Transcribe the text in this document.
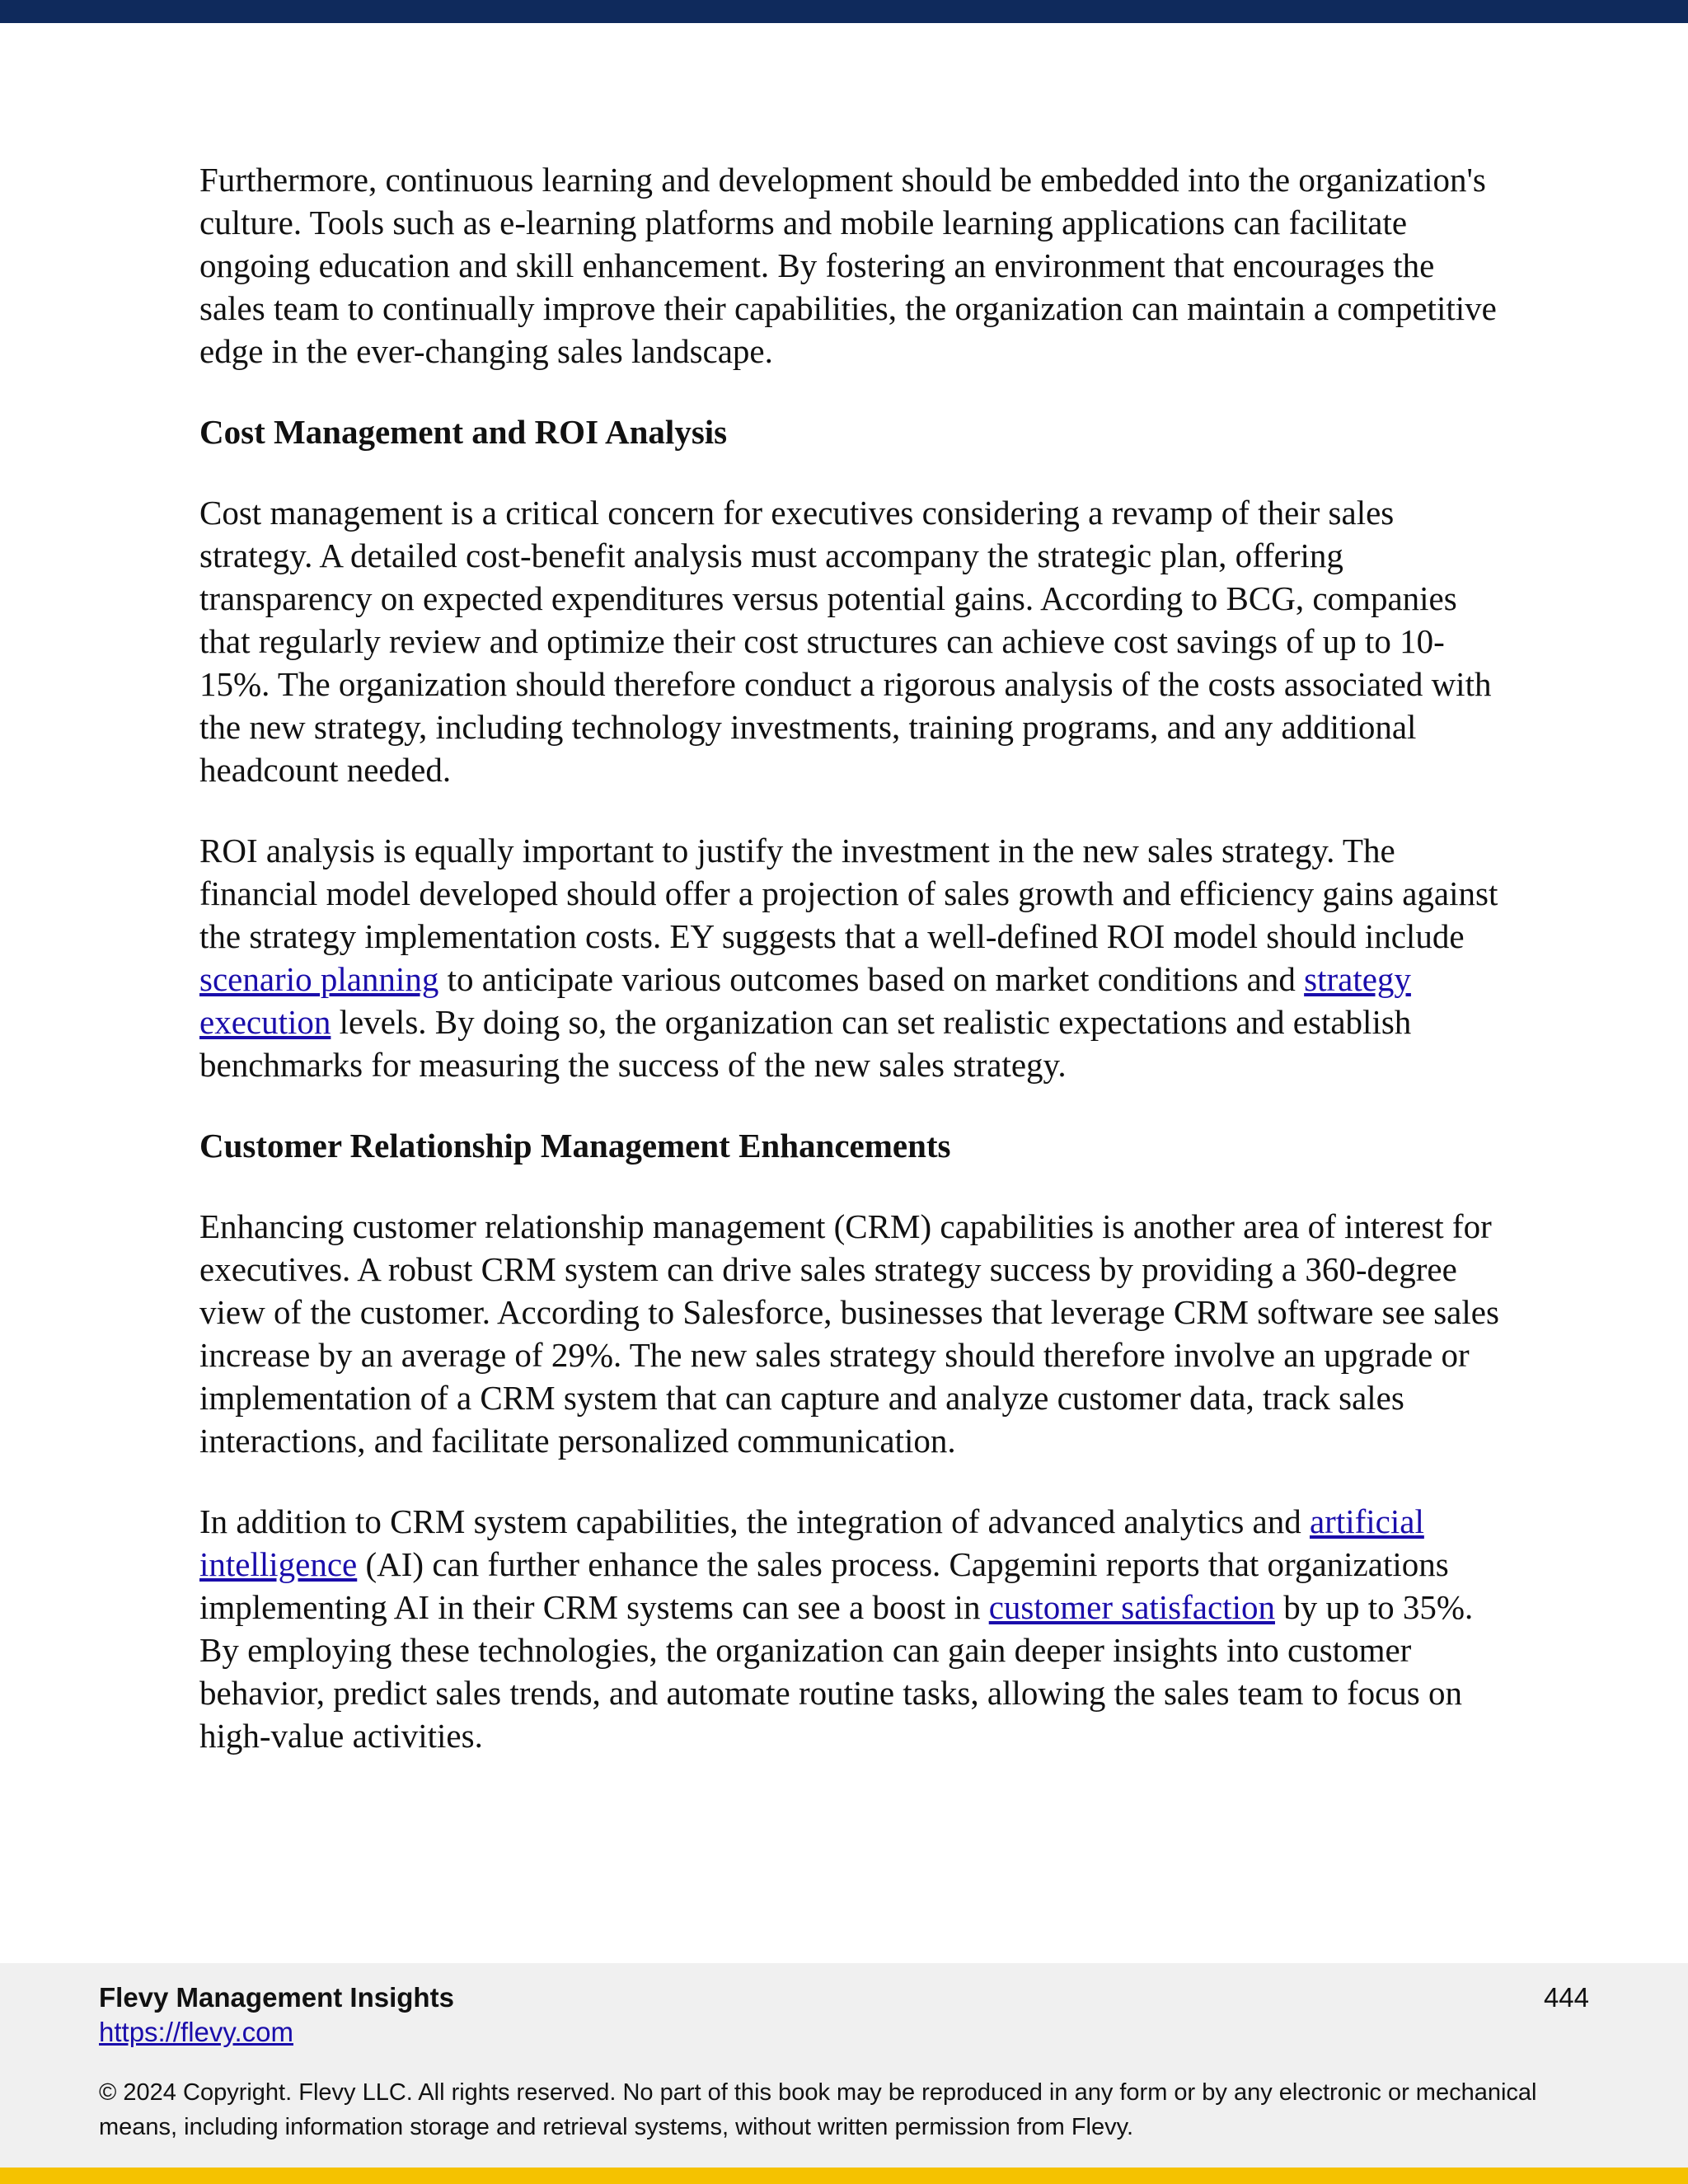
Furthermore, continuous learning and development should be embedded into the organization's culture. Tools such as e-learning platforms and mobile learning applications can facilitate ongoing education and skill enhancement. By fostering an environment that encourages the sales team to continually improve their capabilities, the organization can maintain a competitive edge in the ever-changing sales landscape.

Cost Management and ROI Analysis

Cost management is a critical concern for executives considering a revamp of their sales strategy. A detailed cost-benefit analysis must accompany the strategic plan, offering transparency on expected expenditures versus potential gains. According to BCG, companies that regularly review and optimize their cost structures can achieve cost savings of up to 10-15%. The organization should therefore conduct a rigorous analysis of the costs associated with the new strategy, including technology investments, training programs, and any additional headcount needed.

ROI analysis is equally important to justify the investment in the new sales strategy. The financial model developed should offer a projection of sales growth and efficiency gains against the strategy implementation costs. EY suggests that a well-defined ROI model should include scenario planning to anticipate various outcomes based on market conditions and strategy execution levels. By doing so, the organization can set realistic expectations and establish benchmarks for measuring the success of the new sales strategy.

Customer Relationship Management Enhancements

Enhancing customer relationship management (CRM) capabilities is another area of interest for executives. A robust CRM system can drive sales strategy success by providing a 360-degree view of the customer. According to Salesforce, businesses that leverage CRM software see sales increase by an average of 29%. The new sales strategy should therefore involve an upgrade or implementation of a CRM system that can capture and analyze customer data, track sales interactions, and facilitate personalized communication.

In addition to CRM system capabilities, the integration of advanced analytics and artificial intelligence (AI) can further enhance the sales process. Capgemini reports that organizations implementing AI in their CRM systems can see a boost in customer satisfaction by up to 35%. By employing these technologies, the organization can gain deeper insights into customer behavior, predict sales trends, and automate routine tasks, allowing the sales team to focus on high-value activities.

Flevy Management Insights
https://flevy.com
444
© 2024 Copyright. Flevy LLC. All rights reserved. No part of this book may be reproduced in any form or by any electronic or mechanical means, including information storage and retrieval systems, without written permission from Flevy.
